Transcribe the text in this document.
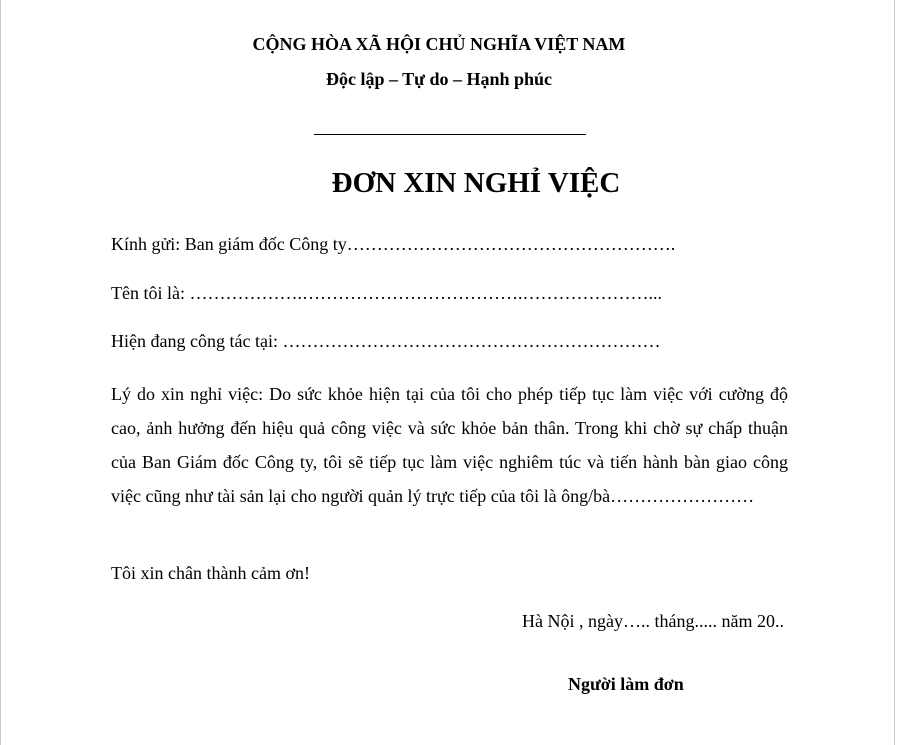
CỘNG HÒA XÃ HỘI CHỦ NGHĨA VIỆT NAM
Độc lập – Tự do – Hạnh phúc
ĐƠN XIN NGHỈ VIỆC
Kính gửi: Ban giám đốc Công ty……………………………………………….
Tên tôi là: ……………….……………………………….…………………...
Hiện đang công tác tại: ………………………………………………………
Lý do xin nghỉ việc: Do sức khỏe hiện tại của tôi cho phép tiếp tục làm việc với cường độ cao, ảnh hưởng đến hiệu quả công việc và sức khỏe bản thân. Trong khi chờ sự chấp thuận của Ban Giám đốc Công ty, tôi sẽ tiếp tục làm việc nghiêm túc và tiến hành bàn giao công việc cũng như tài sản lại cho người quản lý trực tiếp của tôi là ông/bà……………………
Tôi xin chân thành cảm ơn!
Hà Nội , ngày….. tháng..... năm 20..
Người làm đơn
